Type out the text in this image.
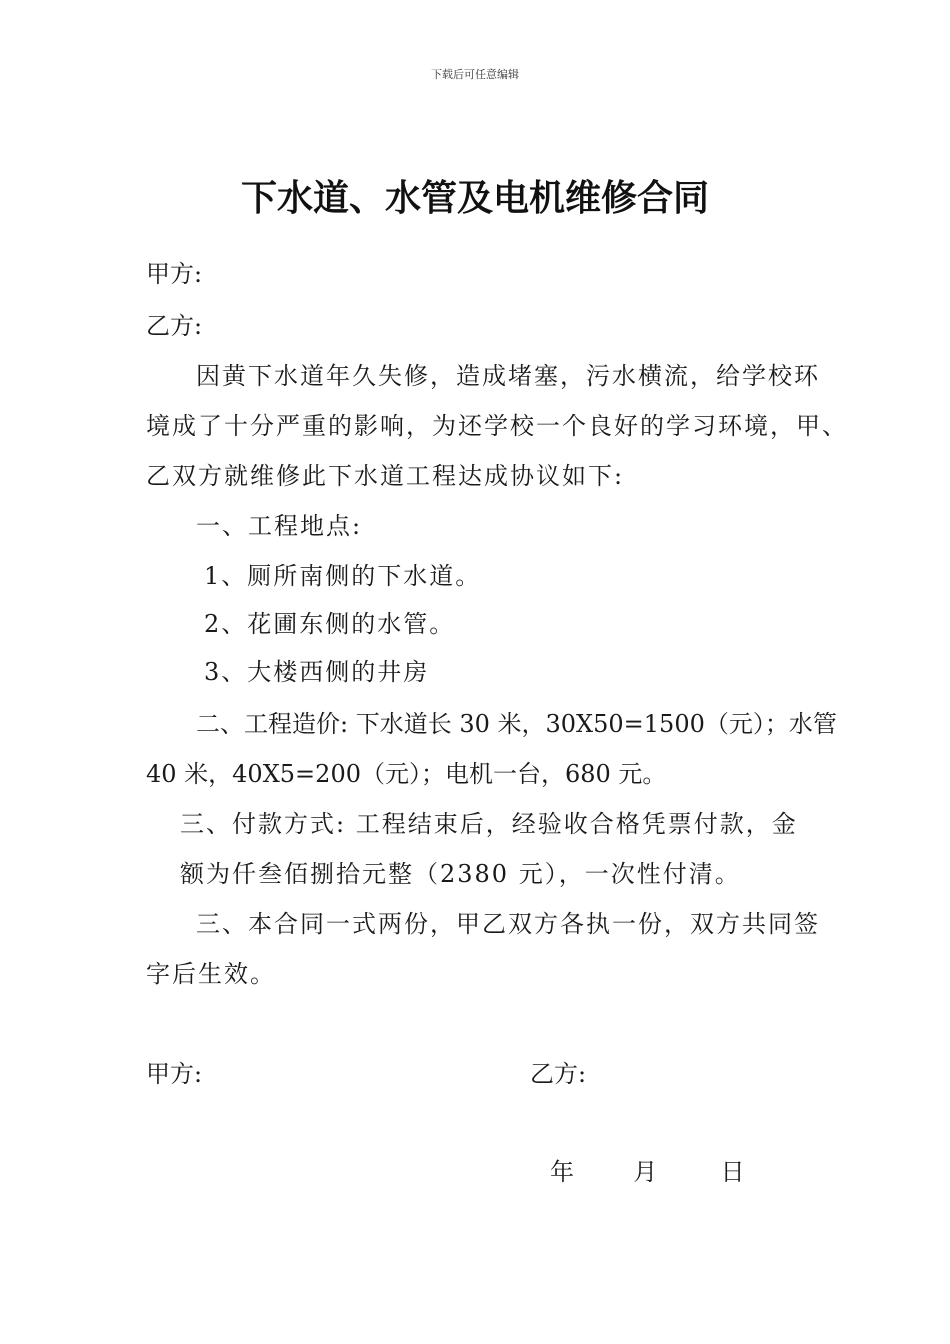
下载后可任意编辑
下水道、水管及电机维修合同
甲方:
乙方:
因黄下水道年久失修，造成堵塞，污水横流，给学校环
境成了十分严重的影响，为还学校一个良好的学习环境，甲、
乙双方就维修此下水道工程达成协议如下:
一、工程地点:
1、厕所南侧的下水道。
2、花圃东侧的水管。
3、大楼西侧的井房
二、工程造价: 下水道长 30 米，30X50=1500（元）；水管
40 米，40X5=200（元）；电机一台，680 元。
三、付款方式: 工程结束后，经验收合格凭票付款，金
额为仟叁佰捌拾元整（2380 元），一次性付清。
三、本合同一式两份，甲乙双方各执一份，双方共同签
字后生效。
甲方:	乙方:
年 月	日
